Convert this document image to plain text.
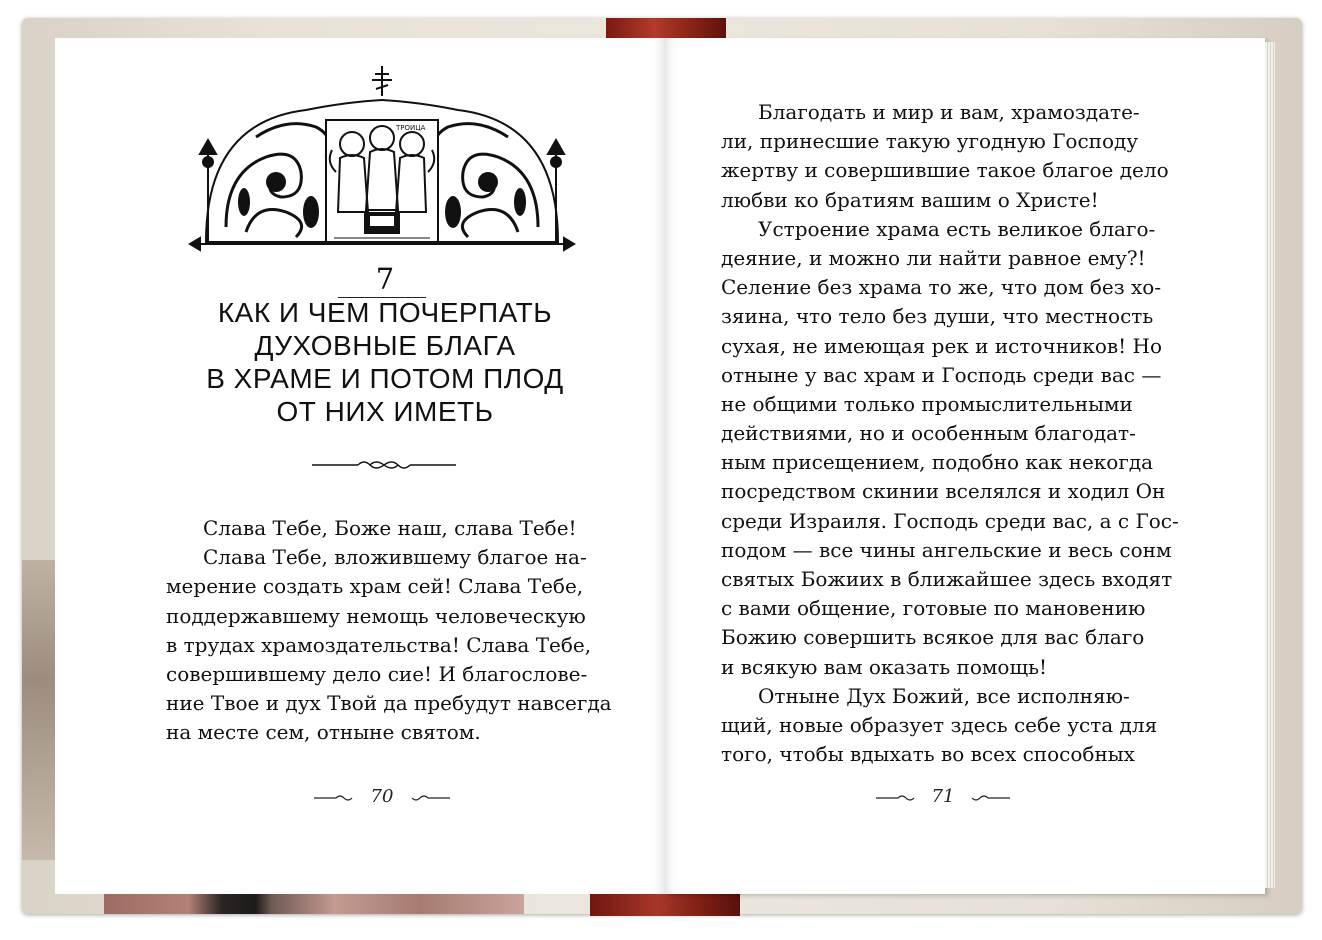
ТРОИЦА
7
КАК И ЧЕМ ПОЧЕРПАТЬ
ДУХОВНЫЕ БЛАГА
В ХРАМЕ И ПОТОМ ПЛОД
ОТ НИХ ИМЕТЬ
Слава Тебе, Боже наш, слава Тебе!
Слава Тебе, вложившему благое на-
мерение создать храм сей! Слава Тебе,
поддержавшему немощь человеческую
в трудах храмоздательства! Слава Тебе,
совершившему дело сие! И благослове-
ние Твое и дух Твой да пребудут навсегда
на месте сем, отныне святом.
70
Благодать и мир и вам, храмоздате-
ли, принесшие такую угодную Господу
жертву и совершившие такое благое дело
любви ко братиям вашим о Христе!
Устроение храма есть великое благо-
деяние, и можно ли найти равное ему?!
Селение без храма то же, что дом без хо-
зяина, что тело без души, что местность
сухая, не имеющая рек и источников! Но
отныне у вас храм и Господь среди вас —
не общими только промыслительными
действиями, но и особенным благодат-
ным присещением, подобно как некогда
посредством скинии вселялся и ходил Он
среди Израиля. Господь среди вас, а с Гос-
подом — все чины ангельские и весь сонм
святых Божиих в ближайшее здесь входят
с вами общение, готовые по мановению
Божию совершить всякое для вас благо
и всякую вам оказать помощь!
Отныне Дух Божий, все исполняю-
щий, новые образует здесь себе уста для
того, чтобы вдыхать во всех способных
71
